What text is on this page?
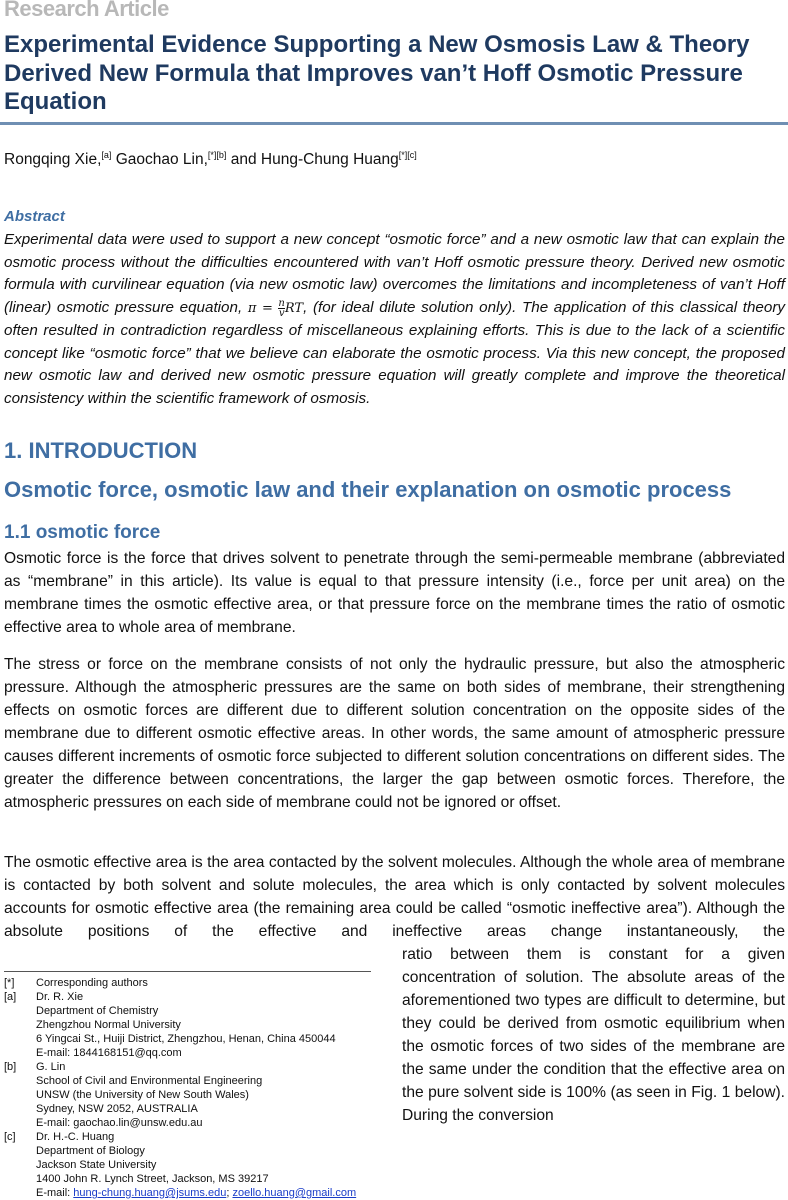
Research Article
Experimental Evidence Supporting a New Osmosis Law & Theory Derived New Formula that Improves van’t Hoff Osmotic Pressure Equation
Rongqing Xie,[a] Gaochao Lin,[*][b] and Hung-Chung Huang[*][c]
Abstract

Experimental data were used to support a new concept “osmotic force” and a new osmotic law that can explain the osmotic process without the difficulties encountered with van’t Hoff osmotic pressure theory. Derived new osmotic formula with curvilinear equation (via new osmotic law) overcomes the limitations and incompleteness of van’t Hoff (linear) osmotic pressure equation, $\pi = \frac{n}{v}$ RT, (for ideal dilute solution only). The application of this classical theory often resulted in contradiction regardless of miscellaneous explaining efforts. This is due to the lack of a scientific concept like “osmotic force” that we believe can elaborate the osmotic process. Via this new concept, the proposed new osmotic law and derived new osmotic pressure equation will greatly complete and improve the theoretical consistency within the scientific framework of osmosis.

1. INTRODUCTION
Osmotic force, osmotic law and their explanation on osmotic process
1.1 osmotic force

Osmotic force is the force that drives solvent to penetrate through the semi-permeable membrane (abbreviated as “membrane” in this article). Its value is equal to that pressure intensity (i.e., force per unit area) on the membrane times the osmotic effective area, or that pressure force on the membrane times the ratio of osmotic effective area to whole area of membrane.

The stress or force on the membrane consists of not only the hydraulic pressure, but also the atmospheric pressure. Although the atmospheric pressures are the same on both sides of membrane, their strengthening effects on osmotic forces are different due to different solution concentration on the opposite sides of the membrane due to different osmotic effective areas. In other words, the same amount of atmospheric pressure causes different increments of osmotic force subjected to different solution concentrations on different sides. The greater the difference between concentrations, the larger the gap between osmotic forces. Therefore, the atmospheric pressures on each side of membrane could not be ignored or offset.

The osmotic effective area is the area contacted by the solvent molecules. Although the whole area of membrane is contacted by both solvent and solute molecules, the area which is only contacted by solvent molecules accounts for osmotic effective area (the remaining area could be called “osmotic ineffective area”). Although the absolute positions of the effective and ineffective areas change instantaneously, the

ratio between them is constant for a given concentration of solution. The absolute areas of the aforementioned two types are difficult to determine, but they could be derived from osmotic equilibrium when the osmotic forces of two sides of the membrane are the same under the condition that the effective area on the pure solvent side is 100% (as seen in Fig. 1 below). During the conversion

[*]	Corresponding authors
[a]	Dr. R. Xie
Department of Chemistry
Zhengzhou Normal University
6 Yingcai St., Huiji District, Zhengzhou, Henan, China 450044
E-mail: 1844168151@qq.com
[b]	G. Lin
School of Civil and Environmental Engineering
UNSW (the University of New South Wales)
Sydney, NSW 2052, AUSTRALIA
E-mail: gaochao.lin@unsw.edu.au
[c]	Dr. H.-C. Huang
Department of Biology
Jackson State University
1400 John R. Lynch Street, Jackson, MS 39217
E-mail: hung-chung.huang@jsums.edu; zoello.huang@gmail.com
